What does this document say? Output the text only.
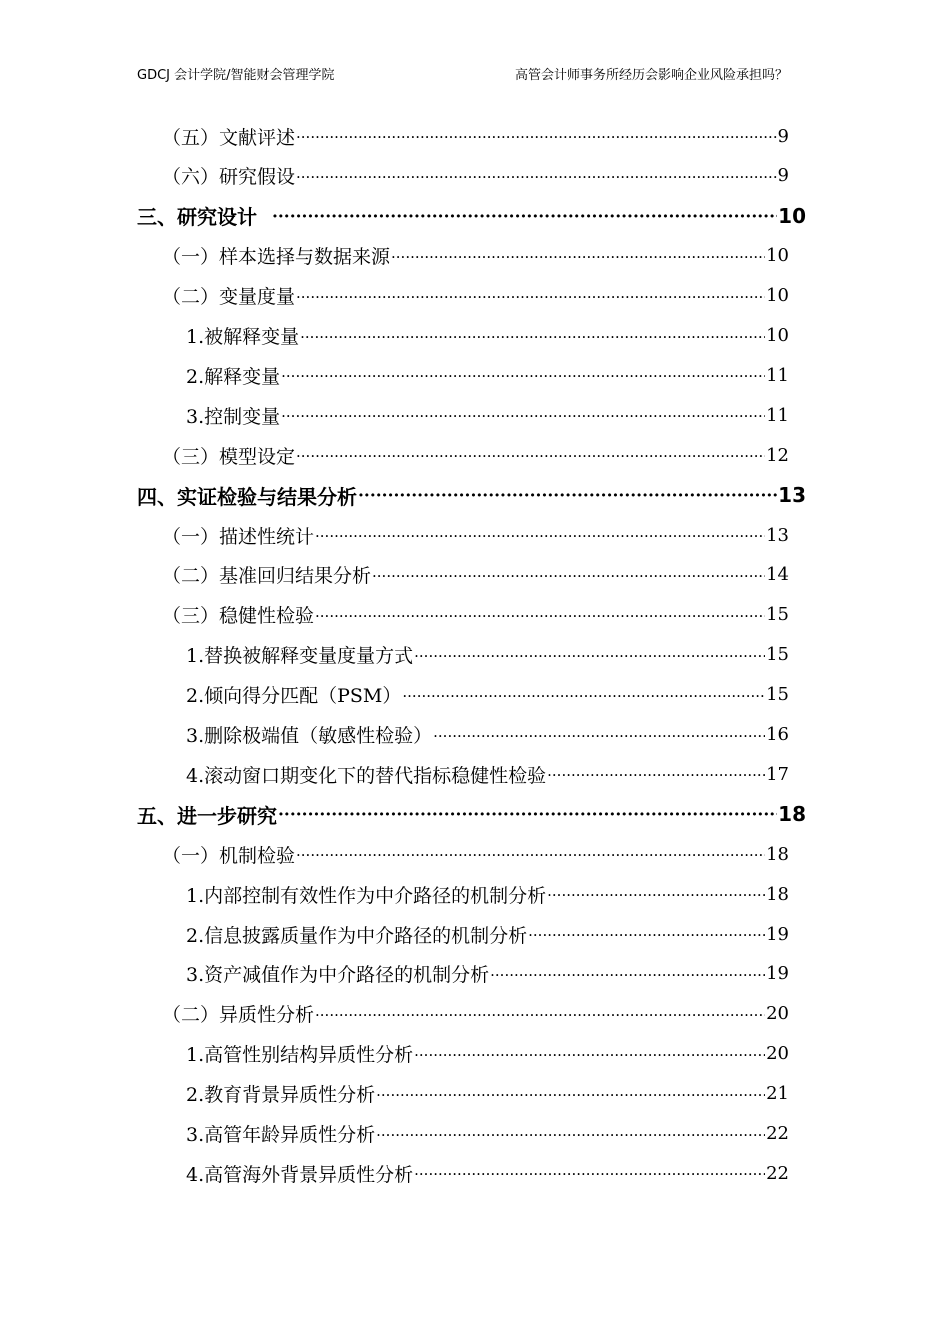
GDCJ 会计学院/智能财会管理学院	高管会计师事务所经历会影响企业风险承担吗？
（五）文献评述 ·····	9
（六）研究假设 ·····	9
三、研究设计 ·····	10
（一）样本选择与数据来源 ·····	10
（二）变量度量 ·····	10
1.被解释变量 ·····	10
2.解释变量 ·····	11
3.控制变量 ·····	11
（三）模型设定 ·····	12
四、实证检验与结果分析 ·····	13
（一）描述性统计 ·····	13
（二）基准回归结果分析 ·····	14
（三）稳健性检验 ·····	15
1.替换被解释变量度量方式 ·····	15
2.倾向得分匹配（PSM） ·····	15
3.删除极端值（敏感性检验） ·····	16
4.滚动窗口期变化下的替代指标稳健性检验 ·····	17
五、进一步研究 ·····	18
（一）机制检验 ·····	18
1.内部控制有效性作为中介路径的机制分析 ·····	18
2.信息披露质量作为中介路径的机制分析 ·····	19
3.资产减值作为中介路径的机制分析 ·····	19
（二）异质性分析 ·····	20
1.高管性别结构异质性分析 ·····	20
2.教育背景异质性分析 ·····	21
3.高管年龄异质性分析 ·····	22
4.高管海外背景异质性分析 ·····	22
